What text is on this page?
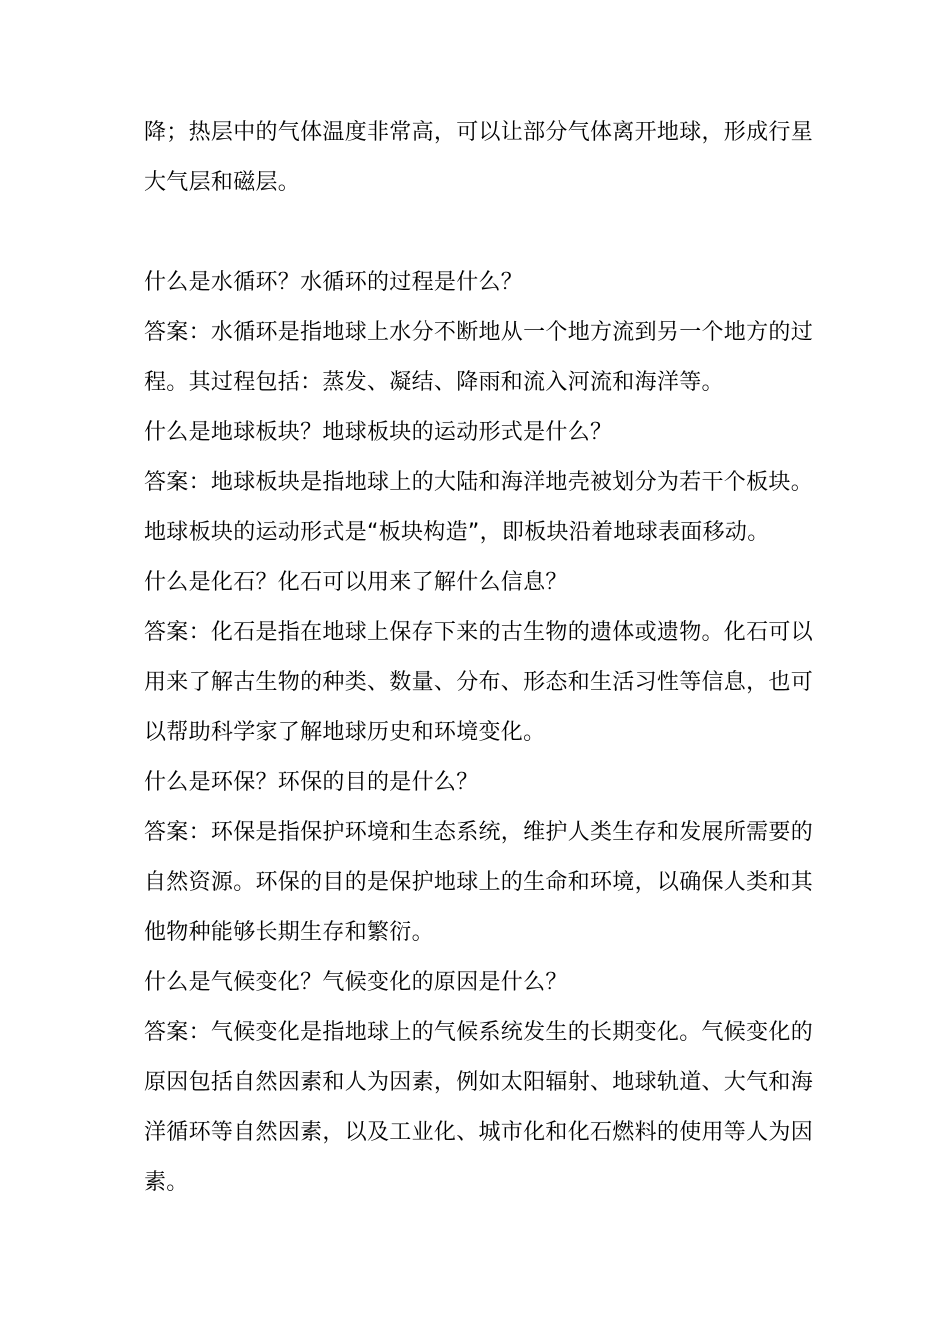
降；热层中的气体温度非常高，可以让部分气体离开地球，形成行星
大气层和磁层。
什么是水循环？水循环的过程是什么？
答案：水循环是指地球上水分不断地从一个地方流到另一个地方的过
程。其过程包括：蒸发、凝结、降雨和流入河流和海洋等。
什么是地球板块？地球板块的运动形式是什么？
答案：地球板块是指地球上的大陆和海洋地壳被划分为若干个板块。
地球板块的运动形式是“板块构造”，即板块沿着地球表面移动。
什么是化石？化石可以用来了解什么信息？
答案：化石是指在地球上保存下来的古生物的遗体或遗物。化石可以
用来了解古生物的种类、数量、分布、形态和生活习性等信息，也可
以帮助科学家了解地球历史和环境变化。
什么是环保？环保的目的是什么？
答案：环保是指保护环境和生态系统，维护人类生存和发展所需要的
自然资源。环保的目的是保护地球上的生命和环境，以确保人类和其
他物种能够长期生存和繁衍。
什么是气候变化？气候变化的原因是什么？
答案：气候变化是指地球上的气候系统发生的长期变化。气候变化的
原因包括自然因素和人为因素，例如太阳辐射、地球轨道、大气和海
洋循环等自然因素，以及工业化、城市化和化石燃料的使用等人为因
素。
